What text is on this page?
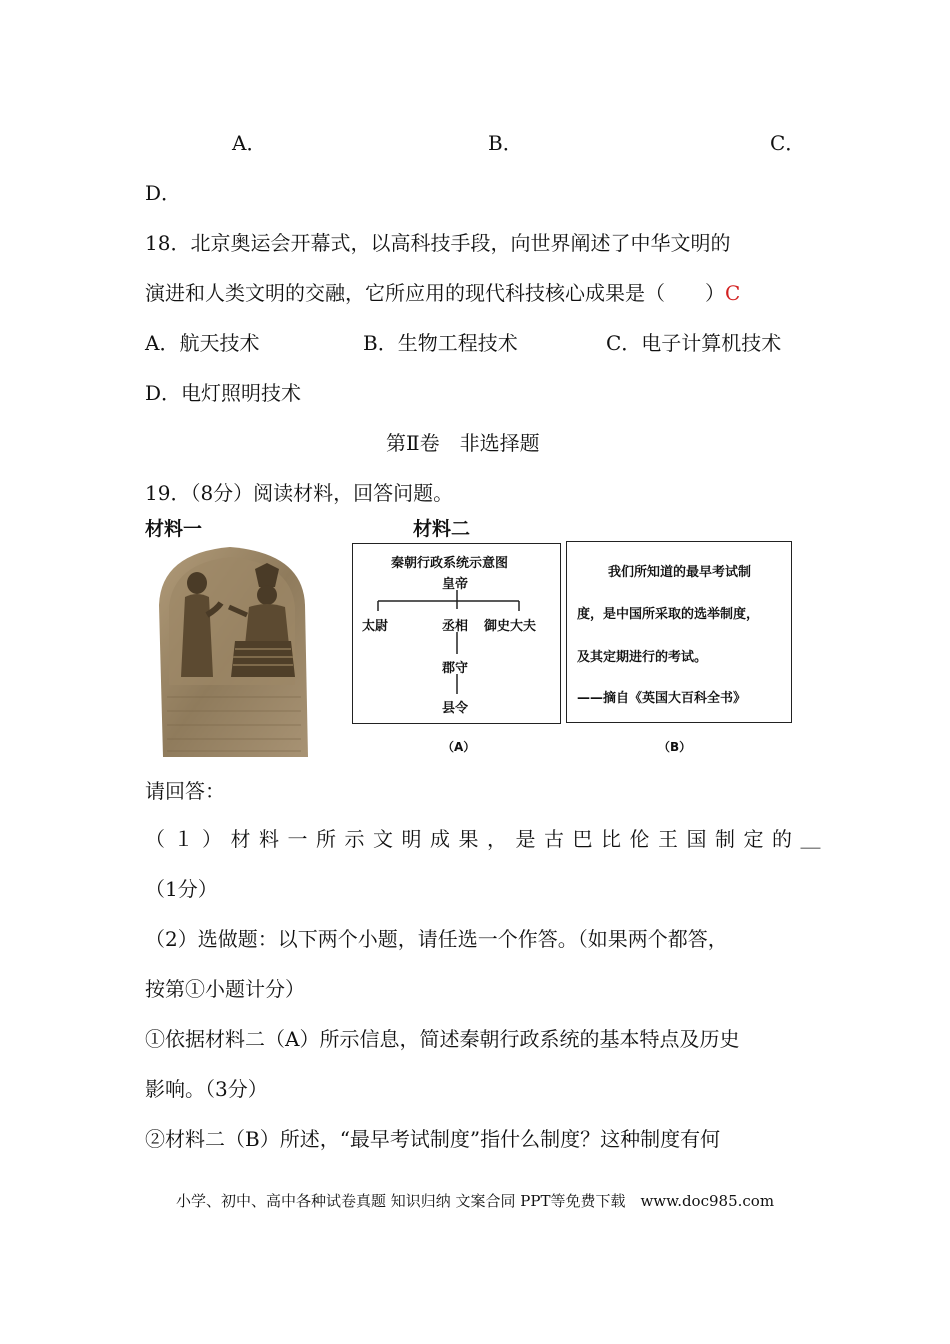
A．	B．	C．
D．
18．北京奥运会开幕式，以高科技手段，向世界阐述了中华文明的
演进和人类文明的交融，它所应用的现代科技核心成果是（　　）C
A．航天技术	B．生物工程技术	C．电子计算机技术
D．电灯照明技术
第Ⅱ卷　非选择题
19．（8分）阅读材料，回答问题。
材料一	材料二
秦朝行政系统示意图
皇帝
太尉	丞相 御史大夫
郡守
县令
我们所知道的最早考试制
度，是中国所采取的选举制度，
及其定期进行的考试。
——摘自《英国大百科全书》
（A）	（B）
请回答：
（１）材料一所示文明成果，是古巴比伦王国制定的＿
（1分）
（2）选做题：以下两个小题，请任选一个作答。（如果两个都答，
按第①小题计分）
①依据材料二（A）所示信息，简述秦朝行政系统的基本特点及历史
影响。（3分）
②材料二（B）所述，“最早考试制度”指什么制度？这种制度有何
小学、初中、高中各种试卷真题 知识归纳 文案合同 PPT等免费下载　www.doc985.com
